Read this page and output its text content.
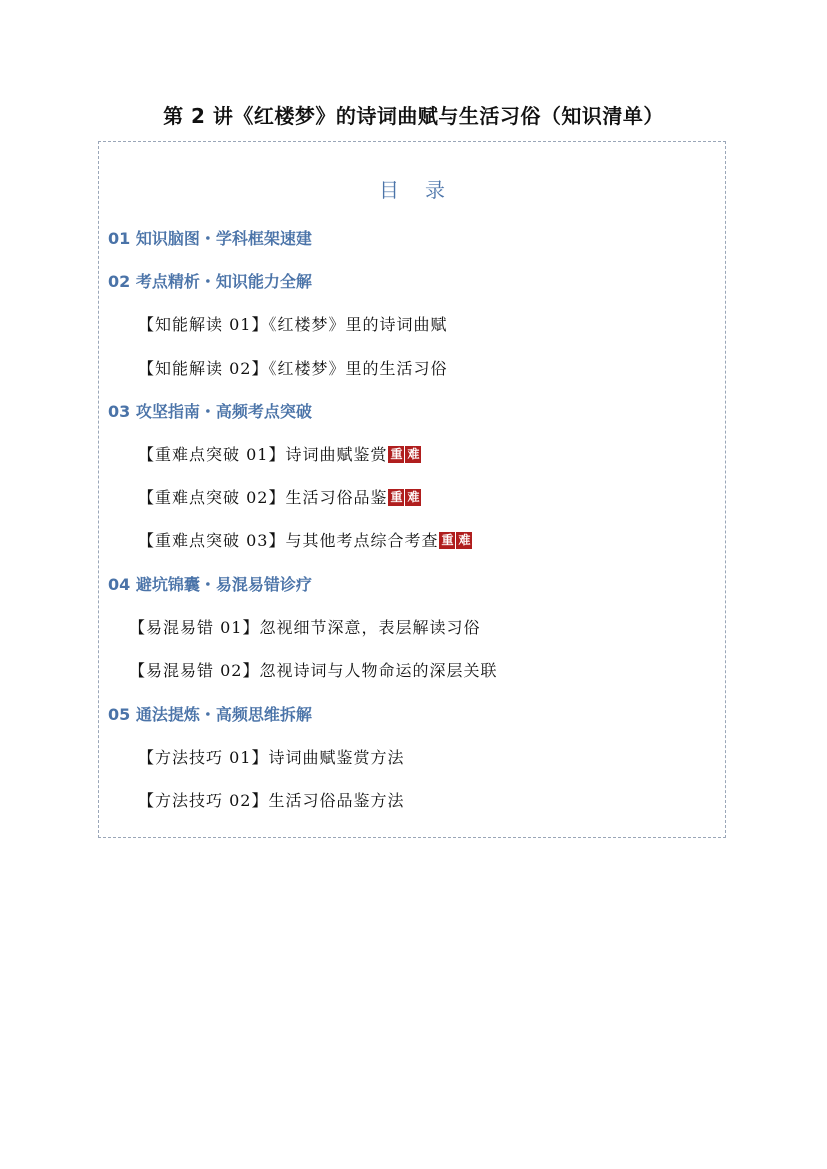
第 2 讲《红楼梦》的诗词曲赋与生活习俗（知识清单）
目 录
01 知识脑图・学科框架速建
02 考点精析・知识能力全解
【知能解读 01】《红楼梦》里的诗词曲赋
【知能解读 02】《红楼梦》里的生活习俗
03 攻坚指南・高频考点突破
【重难点突破 01】诗词曲赋鉴赏 重 难
【重难点突破 02】生活习俗品鉴 重 难
【重难点突破 03】与其他考点综合考查 重 难
04 避坑锦囊・易混易错诊疗
【易混易错 01】忽视细节深意，表层解读习俗
【易混易错 02】忽视诗词与人物命运的深层关联
05 通法提炼・高频思维拆解
【方法技巧 01】诗词曲赋鉴赏方法
【方法技巧 02】生活习俗品鉴方法
